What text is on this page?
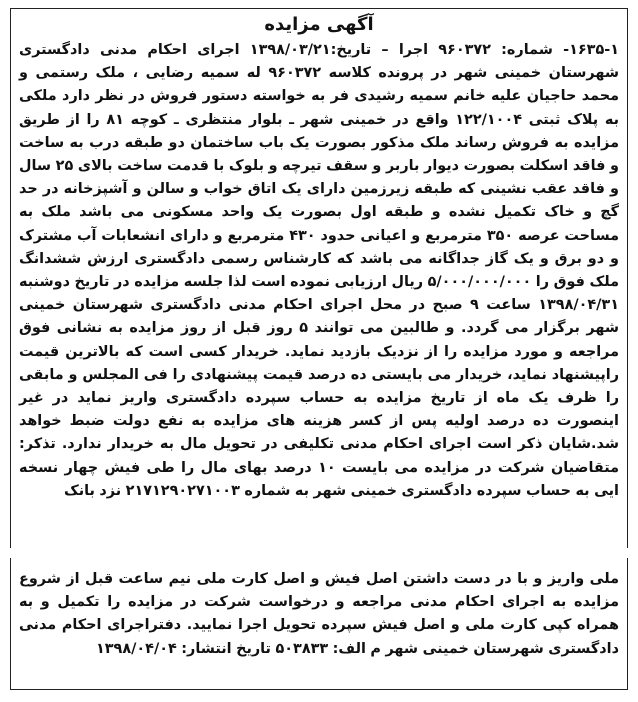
آگهی مزایده

۱۶۳۵-۱- شماره: ۹۶۰۳۷۲ اجرا – تاریخ:۱۳۹۸/۰۳/۲۱ اجرای احکام مدنی دادگستری شهرستان خمینی شهر در پرونده کلاسه ۹۶۰۳۷۲ له سمیه رضایی ، ملک رستمی و محمد حاجیان علیه خانم سمیه رشیدی فر به خواسته دستور فروش در نظر دارد ملکی به پلاک ثبتی ۱۲۲/۱۰۰۴ واقع در خمینی شهر ـ بلوار منتظری ـ کوچه ۸۱ را از طریق مزایده به فروش رساند ملک مذکور بصورت یک باب ساختمان دو طبقه درب به ساخت و فاقد اسکلت بصورت دیوار باربر و سقف تیرچه و بلوک با قدمت ساخت بالای ۲۵ سال و فاقد عقب نشینی که طبقه زیرزمین دارای یک اتاق خواب و سالن و آشپزخانه در حد گچ و خاک تکمیل نشده و طبقه اول بصورت یک واحد مسکونی می باشد ملک به مساحت عرصه ۳۵۰ مترمربع و اعیانی حدود ۴۳۰ مترمربع و دارای انشعابات آب مشترک و دو برق و یک گاز جداگانه می باشد که کارشناس رسمی دادگستری ارزش ششدانگ ملک فوق را ۵/۰۰۰/۰۰۰/۰۰۰ ریال ارزیابی نموده است لذا جلسه مزایده در تاریخ دوشنبه ۱۳۹۸/۰۴/۳۱ ساعت ۹ صبح در محل اجرای احکام مدنی دادگستری شهرستان خمینی شهر برگزار می گردد. و طالبین می توانند ۵ روز قبل از روز مزایده به نشانی فوق مراجعه و مورد مزایده را از نزدیک بازدید نماید. خریدار کسی است که بالاترین قیمت راپیشنهاد نماید، خریدار می بایستی ده درصد قیمت پیشنهادی را فی المجلس و مابقی را ظرف یک ماه از تاریخ مزایده به حساب سپرده دادگستری واریز نماید در غیر اینصورت ده درصد اولیه پس از کسر هزینه های مزایده به نفع دولت ضبط خواهد شد.شایان ذکر است اجرای احکام مدنی تکلیفی در تحویل مال به خریدار ندارد. تذکر: متقاضیان شرکت در مزایده می بایست ۱۰ درصد بهای مال را طی فیش چهار نسخه ایی به حساب سپرده دادگستری خمینی شهر به شماره ۲۱۷۱۲۹۰۲۷۱۰۰۳ نزد بانک

ملی واریز و با در دست داشتن اصل فیش و اصل کارت ملی نیم ساعت قبل از شروع مزایده به اجرای احکام مدنی مراجعه و درخواست شرکت در مزایده را تکمیل و به همراه کپی کارت ملی و اصل فیش سپرده تحویل اجرا نمایید. دفتراجرای احکام مدنی دادگستری شهرستان خمینی شهر م الف: ۵۰۳۸۳۳ تاریخ انتشار: ۱۳۹۸/۰۴/۰۴
